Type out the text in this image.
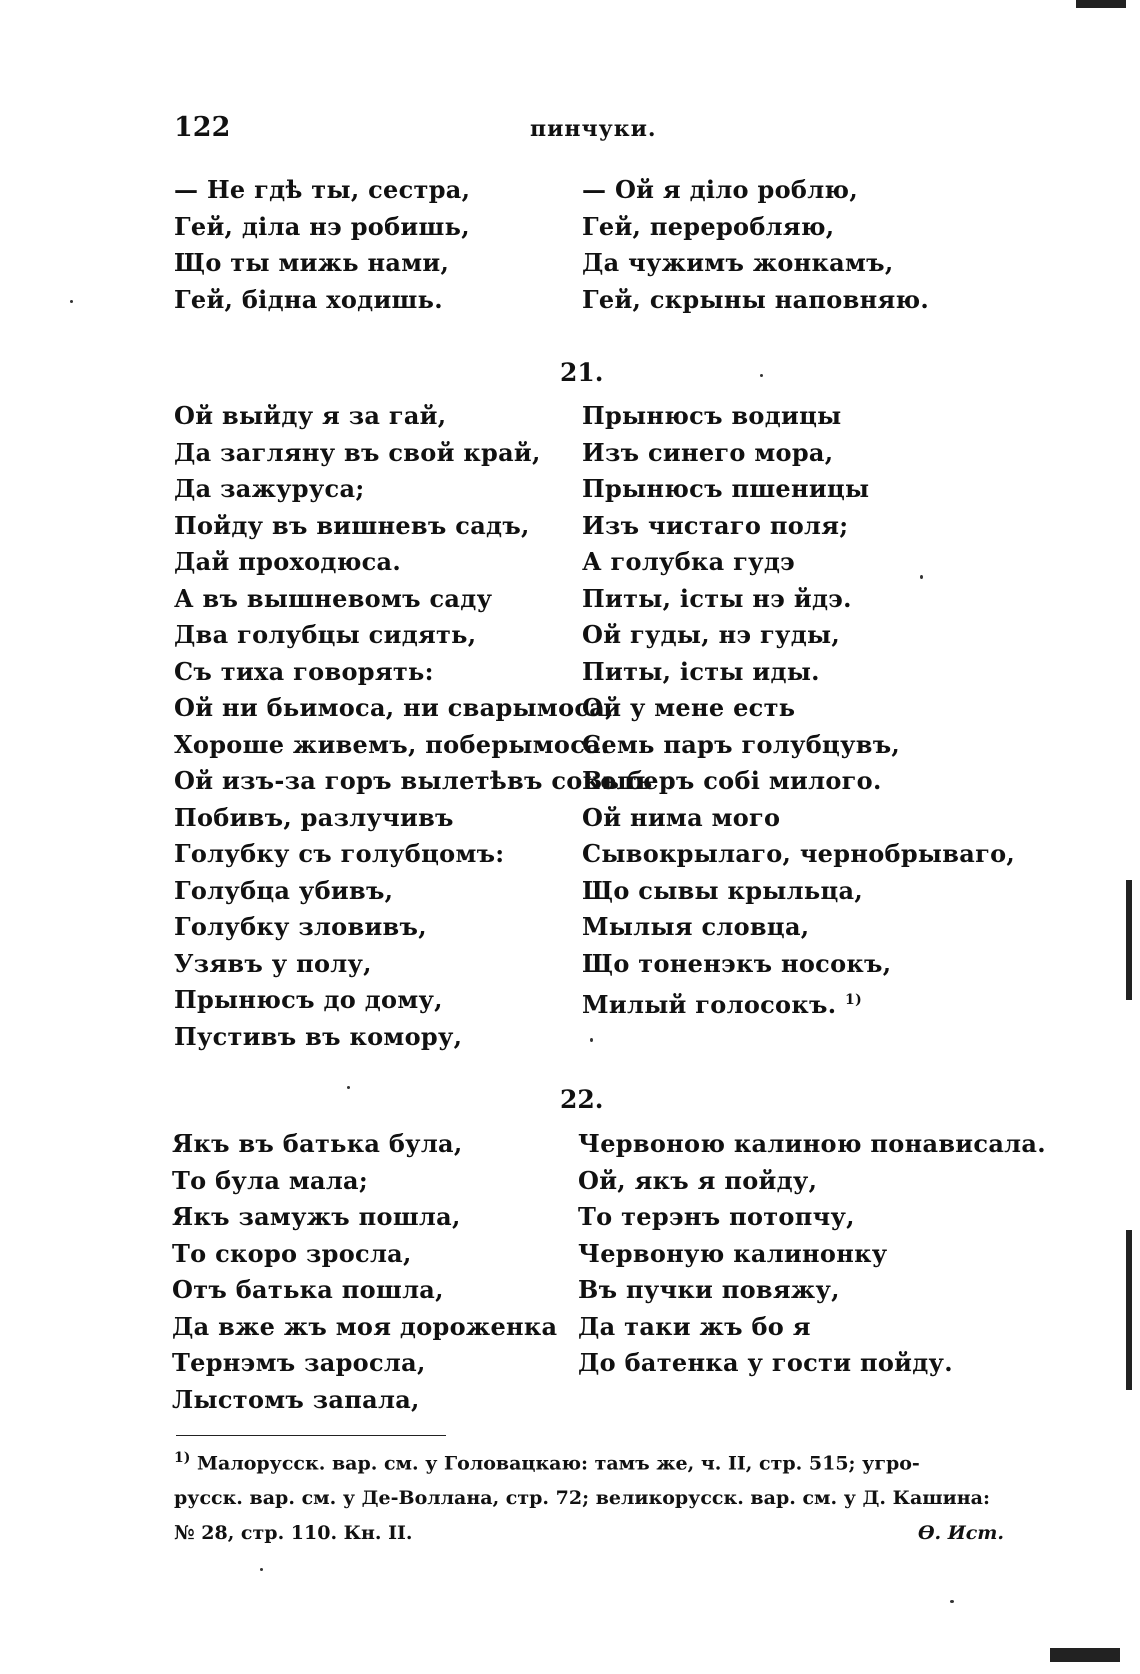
122	пинчуки.
— Не гдѣ ты, сестра,
Гей, діла нэ робишь,
Що ты мижь нами,
Гей, бідна ходишь.
— Ой я діло роблю,
Гей, переробляю,
Да чужимъ жонкамъ,
Гей, скрыны наповняю.
21.
Ой выйду я за гай,
Да загляну въ свой край,
Да зажуруса;
Пойду въ вишневъ садъ,
Дай проходюса.
А въ вышневомъ саду
Два голубцы сидять,
Съ тиха говорять:
Ой ни бьимоса, ни сварымоса,
Хороше живемъ, поберымоса.
Ой изъ-за горъ вылетѣвъ соколъ
Побивъ, разлучивъ
Голубку съ голубцомъ:
Голубца убивъ,
Голубку зловивъ,
Узявъ у полу,
Прынюсъ до дому,
Пустивъ въ комору,
Прынюсъ водицы
Изъ синего мора,
Прынюсъ пшеницы
Изъ чистаго поля;
А голубка гудэ
Питы, істы нэ йдэ.
Ой гуды, нэ гуды,
Питы, істы иды.
Ой у мене есть
Семь паръ голубцувъ,
Выберъ собі милого.
Ой нима мого
Сывокрылаго, чернобрываго,
Що сывы крыльца,
Мылыя словца,
Що тоненэкъ носокъ,
Милый голосокъ. $^{1)}$
22.
Якъ въ батька була,
То була мала;
Якъ замужъ пошла,
То скоро зросла,
Отъ батька пошла,
Да вже жъ моя дороженка
Тернэмъ заросла,
Лыстомъ запала,
Червоною калиною понависала.
Ой, якъ я пойду,
То терэнъ потопчу,
Червоную калинонку
Въ пучки повяжу,
Да таки жъ бо я
До батенка у гости пойду.
$^{1)}$ Малорусск. вар. см. у Головацкаю: тамъ же, ч. II, стр. 515; угро-
русск. вар. см. у Де-Воллана, стр. 72; великорусск. вар. см. у Д. Кашина:
№ 28, стр. 110. Кн. II.	Ѳ. Ист.
